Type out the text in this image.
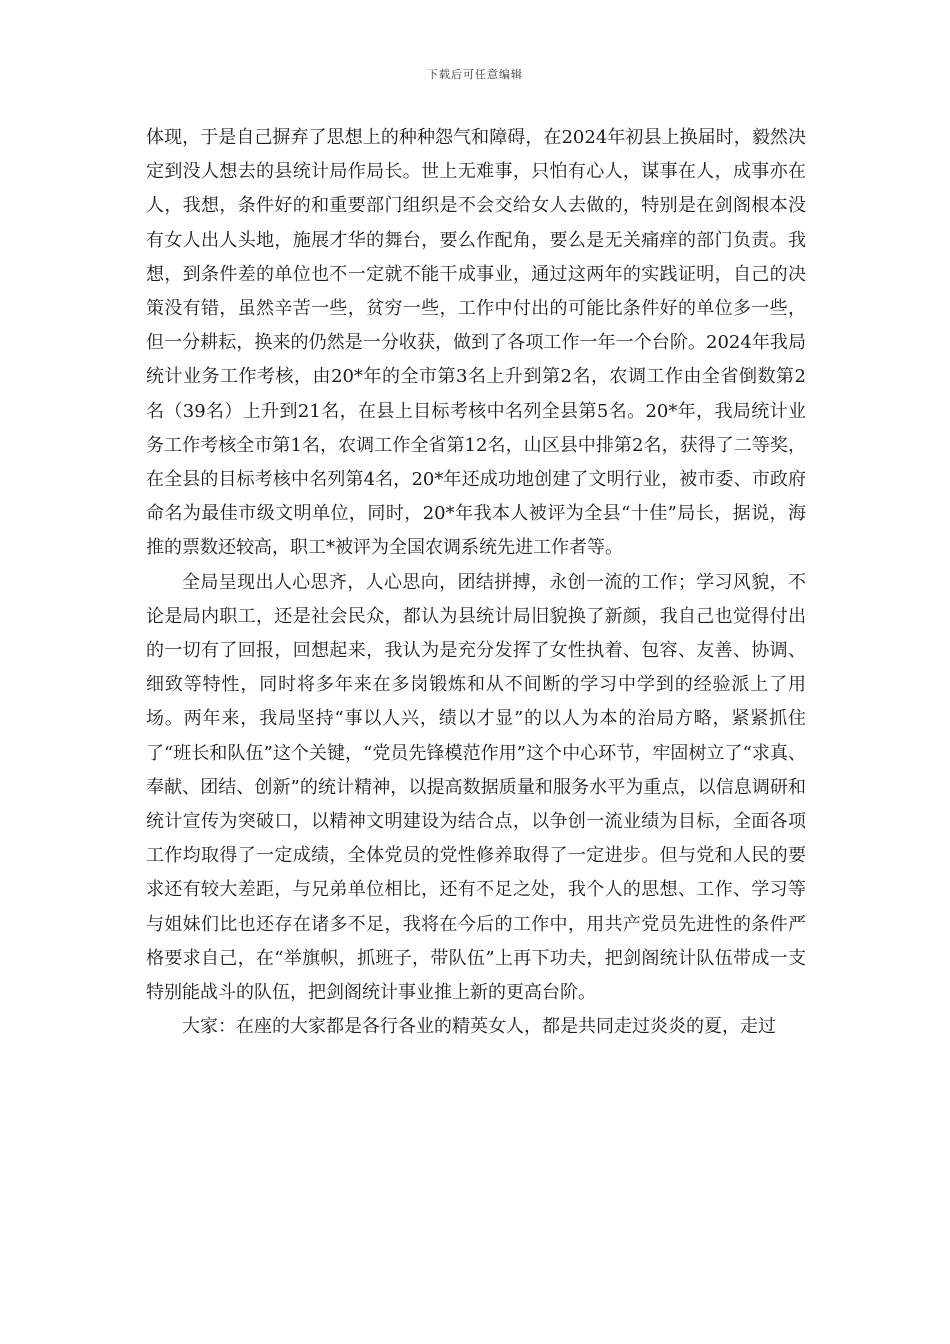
下载后可任意编辑

体现，于是自己摒弃了思想上的种种怨气和障碍，在2024年初县上换届时，毅然决定到没人想去的县统计局作局长。世上无难事，只怕有心人，谋事在人，成事亦在人，我想，条件好的和重要部门组织是不会交给女人去做的，特别是在剑阁根本没有女人出人头地，施展才华的舞台，要么作配角，要么是无关痛痒的部门负责。我想，到条件差的单位也不一定就不能干成事业，通过这两年的实践证明，自己的决策没有错，虽然辛苦一些，贫穷一些，工作中付出的可能比条件好的单位多一些，但一分耕耘，换来的仍然是一分收获，做到了各项工作一年一个台阶。2024年我局统计业务工作考核，由20*年的全市第3名上升到第2名，农调工作由全省倒数第2名（39名）上升到21名，在县上目标考核中名列全县第5名。20*年，我局统计业务工作考核全市第1名，农调工作全省第12名，山区县中排第2名，获得了二等奖，在全县的目标考核中名列第4名，20*年还成功地创建了文明行业，被市委、市政府命名为最佳市级文明单位，同时，20*年我本人被评为全县“十佳”局长，据说，海推的票数还较高，职工*被评为全国农调系统先进工作者等。

全局呈现出人心思齐，人心思向，团结拼搏，永创一流的工作；学习风貌，不论是局内职工，还是社会民众，都认为县统计局旧貌换了新颜，我自己也觉得付出的一切有了回报，回想起来，我认为是充分发挥了女性执着、包容、友善、协调、细致等特性，同时将多年来在多岗锻炼和从不间断的学习中学到的经验派上了用场。两年来，我局坚持“事以人兴，绩以才显”的以人为本的治局方略，紧紧抓住了“班长和队伍”这个关键，“党员先锋模范作用”这个中心环节，牢固树立了“求真、奉献、团结、创新”的统计精神，以提高数据质量和服务水平为重点，以信息调研和统计宣传为突破口，以精神文明建设为结合点，以争创一流业绩为目标，全面各项工作均取得了一定成绩，全体党员的党性修养取得了一定进步。但与党和人民的要求还有较大差距，与兄弟单位相比，还有不足之处，我个人的思想、工作、学习等与姐妹们比也还存在诸多不足，我将在今后的工作中，用共产党员先进性的条件严格要求自己，在“举旗帜，抓班子，带队伍”上再下功夫，把剑阁统计队伍带成一支特别能战斗的队伍，把剑阁统计事业推上新的更高台阶。

大家：在座的大家都是各行各业的精英女人，都是共同走过炎炎的夏，走过
